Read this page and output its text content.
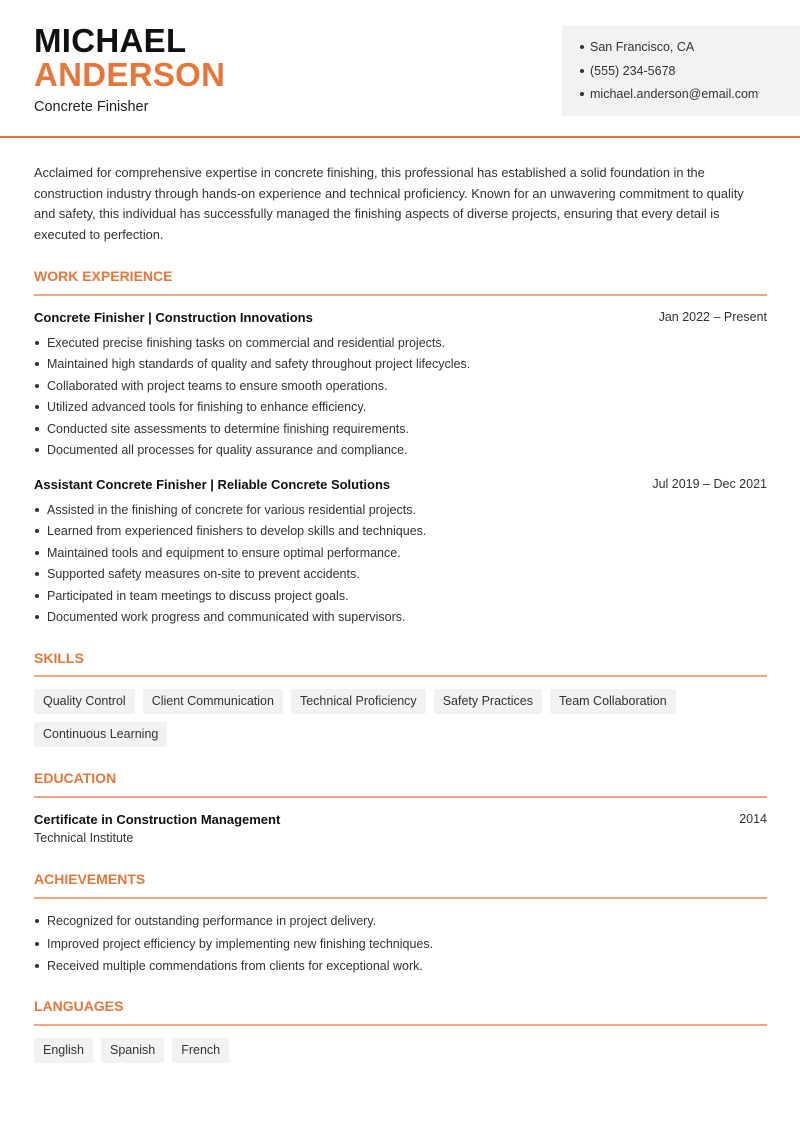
MICHAEL
ANDERSON
Concrete Finisher
San Francisco, CA
(555) 234-5678
michael.anderson@email.com

Acclaimed for comprehensive expertise in concrete finishing, this professional has established a solid foundation in the construction industry through hands-on experience and technical proficiency. Known for an unwavering commitment to quality and safety, this individual has successfully managed the finishing aspects of diverse projects, ensuring that every detail is executed to perfection.

WORK EXPERIENCE
Concrete Finisher | Construction Innovations	Jan 2022 – Present
Executed precise finishing tasks on commercial and residential projects.
Maintained high standards of quality and safety throughout project lifecycles.
Collaborated with project teams to ensure smooth operations.
Utilized advanced tools for finishing to enhance efficiency.
Conducted site assessments to determine finishing requirements.
Documented all processes for quality assurance and compliance.
Assistant Concrete Finisher | Reliable Concrete Solutions	Jul 2019 – Dec 2021
Assisted in the finishing of concrete for various residential projects.
Learned from experienced finishers to develop skills and techniques.
Maintained tools and equipment to ensure optimal performance.
Supported safety measures on-site to prevent accidents.
Participated in team meetings to discuss project goals.
Documented work progress and communicated with supervisors.
SKILLS
Quality Control	Client Communication	Technical Proficiency	Safety Practices	Team Collaboration
Continuous Learning
EDUCATION
Certificate in Construction Management	2014
Technical Institute
ACHIEVEMENTS
Recognized for outstanding performance in project delivery.
Improved project efficiency by implementing new finishing techniques.
Received multiple commendations from clients for exceptional work.
LANGUAGES
English	Spanish	French
